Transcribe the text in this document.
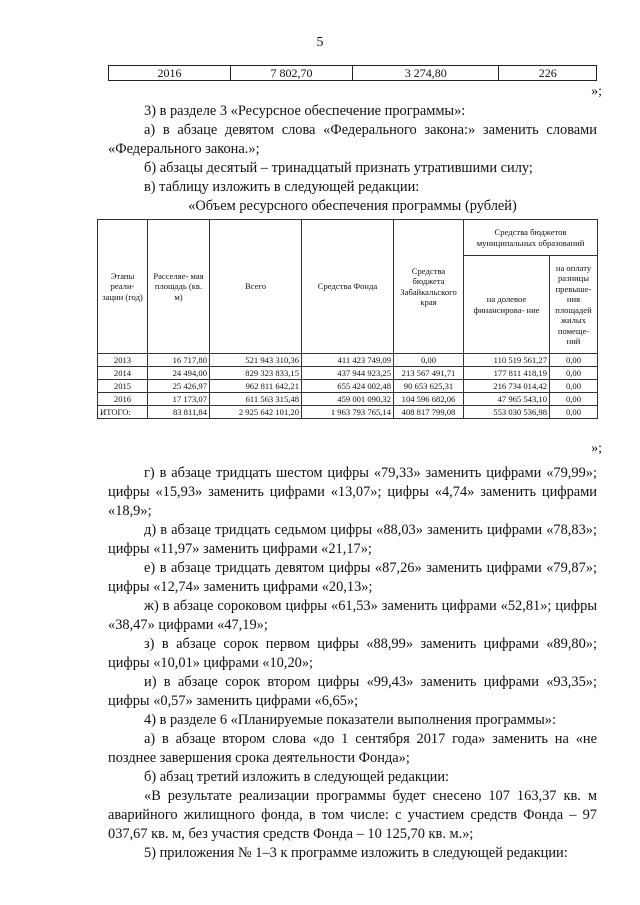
5
2016	7 802,70	3 274,80	226
»;

3) в разделе 3 «Ресурсное обеспечение программы»:

а) в абзаце девятом слова «Федерального закона:» заменить словами «Федерального закона.»;

б) абзацы десятый – тринадцатый признать утратившими силу;

в) таблицу изложить в следующей редакции:

«Объем ресурсного обеспечения программы (рублей)
Этапы реали- зации (год)	Расселяе- мая площадь (кв. м)	Всего	Средства Фонда	Средства бюджета Забайкальского края	Средства бюджетов муниципальных образований	
					на долевое финансирова- ние	на оплату разницы превыше- ния площадей жилых помеще- ний
2013	16 717,80	521 943 310,36	411 423 749,09	0,00	110 519 561,27	0,00
2014	24 494,00	829 323 833,15	437 944 923,25	213 567 491,71	177 811 418,19	0,00
2015	25 426,97	962 811 642,21	655 424 002,48	90 653 625,31	216 734 014,42	0,00
2016	17 173,07	611 563 315,48	459 001 090,32	104 596 682,06	47 965 543,10	0,00
ИТОГО:	83 811,84	2 925 642 101,20	1 963 793 765,14	408 817 799,08	553 030 536,98	0,00
»;

г) в абзаце тридцать шестом цифры «79,33» заменить цифрами «79,99»; цифры «15,93» заменить цифрами «13,07»; цифры «4,74» заменить цифрами «18,9»;

д) в абзаце тридцать седьмом цифры «88,03» заменить цифрами «78,83»; цифры «11,97» заменить цифрами «21,17»;

е) в абзаце тридцать девятом цифры «87,26» заменить цифрами «79,87»; цифры «12,74» заменить цифрами «20,13»;

ж) в абзаце сороковом цифры «61,53» заменить цифрами «52,81»; цифры «38,47» цифрами «47,19»;

з) в абзаце сорок первом цифры «88,99» заменить цифрами «89,80»; цифры «10,01» цифрами «10,20»;

и) в абзаце сорок втором цифры «99,43» заменить цифрами «93,35»; цифры «0,57» заменить цифрами «6,65»;

4) в разделе 6 «Планируемые показатели выполнения программы»:

а) в абзаце втором слова «до 1 сентября 2017 года» заменить на «не позднее завершения срока деятельности Фонда»;

б) абзац третий изложить в следующей редакции:

«В результате реализации программы будет снесено 107 163,37 кв. м аварийного жилищного фонда, в том числе: с участием средств Фонда – 97 037,67 кв. м, без участия средств Фонда – 10 125,70 кв. м.»;

5) приложения № 1–3 к программе изложить в следующей редакции:
